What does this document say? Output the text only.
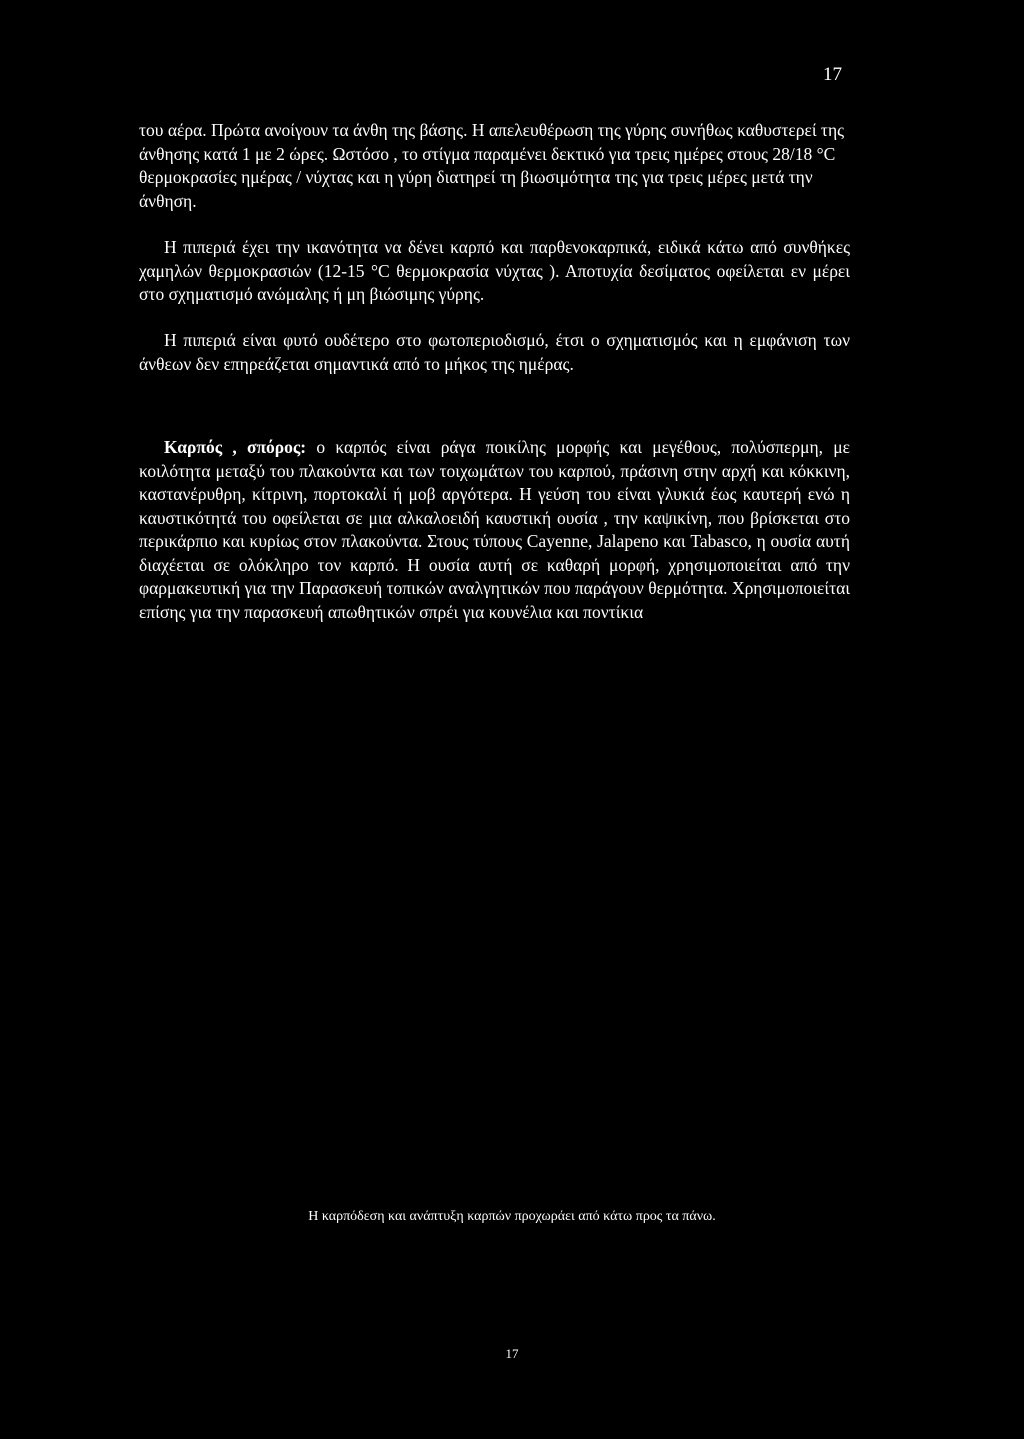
17

του αέρα. Πρώτα ανοίγουν τα άνθη της βάσης. Η απελευθέρωση της γύρης συνήθως καθυστερεί της άνθησης κατά 1 με 2 ώρες. Ωστόσο , το στίγμα παραμένει δεκτικό για τρεις ημέρες στους 28/18 °C θερμοκρασίες ημέρας / νύχτας και η γύρη διατηρεί τη βιωσιμότητα της για τρεις μέρες μετά την άνθηση.

Η πιπεριά έχει την ικανότητα να δένει καρπό και παρθενοκαρπικά, ειδικά κάτω από συνθήκες χαμηλών θερμοκρασιών (12-15 °C θερμοκρασία νύχτας ). Αποτυχία δεσίματος οφείλεται εν μέρει στο σχηματισμό ανώμαλης ή μη βιώσιμης γύρης.

Η πιπεριά είναι φυτό ουδέτερο στο φωτοπεριοδισμό, έτσι ο σχηματισμός και η εμφάνιση των άνθεων δεν επηρεάζεται σημαντικά από το μήκος της ημέρας.

Καρπός , σπόρος: ο καρπός είναι ράγα ποικίλης μορφής και μεγέθους, πολύσπερμη, με κοιλότητα μεταξύ του πλακούντα και των τοιχωμάτων του καρπού, πράσινη στην αρχή και κόκκινη, καστανέρυθρη, κίτρινη, πορτοκαλί ή μοβ αργότερα. Η γεύση του είναι γλυκιά έως καυτερή ενώ η καυστικότητά του οφείλεται σε μια αλκαλοειδή καυστική ουσία , την καψικίνη, που βρίσκεται στο περικάρπιο και κυρίως στον πλακούντα. Στους τύπους Cayenne, Jalapeno και Tabasco, η ουσία αυτή διαχέεται σε ολόκληρο τον καρπό. Η ουσία αυτή σε καθαρή μορφή, χρησιμοποιείται από την φαρμακευτική για την Παρασκευή τοπικών αναλγητικών που παράγουν θερμότητα. Χρησιμοποιείται επίσης για την παρασκευή απωθητικών σπρέι για κουνέλια και ποντίκια

Η καρπόδεση και ανάπτυξη καρπών προχωράει από κάτω προς τα πάνω.
17
